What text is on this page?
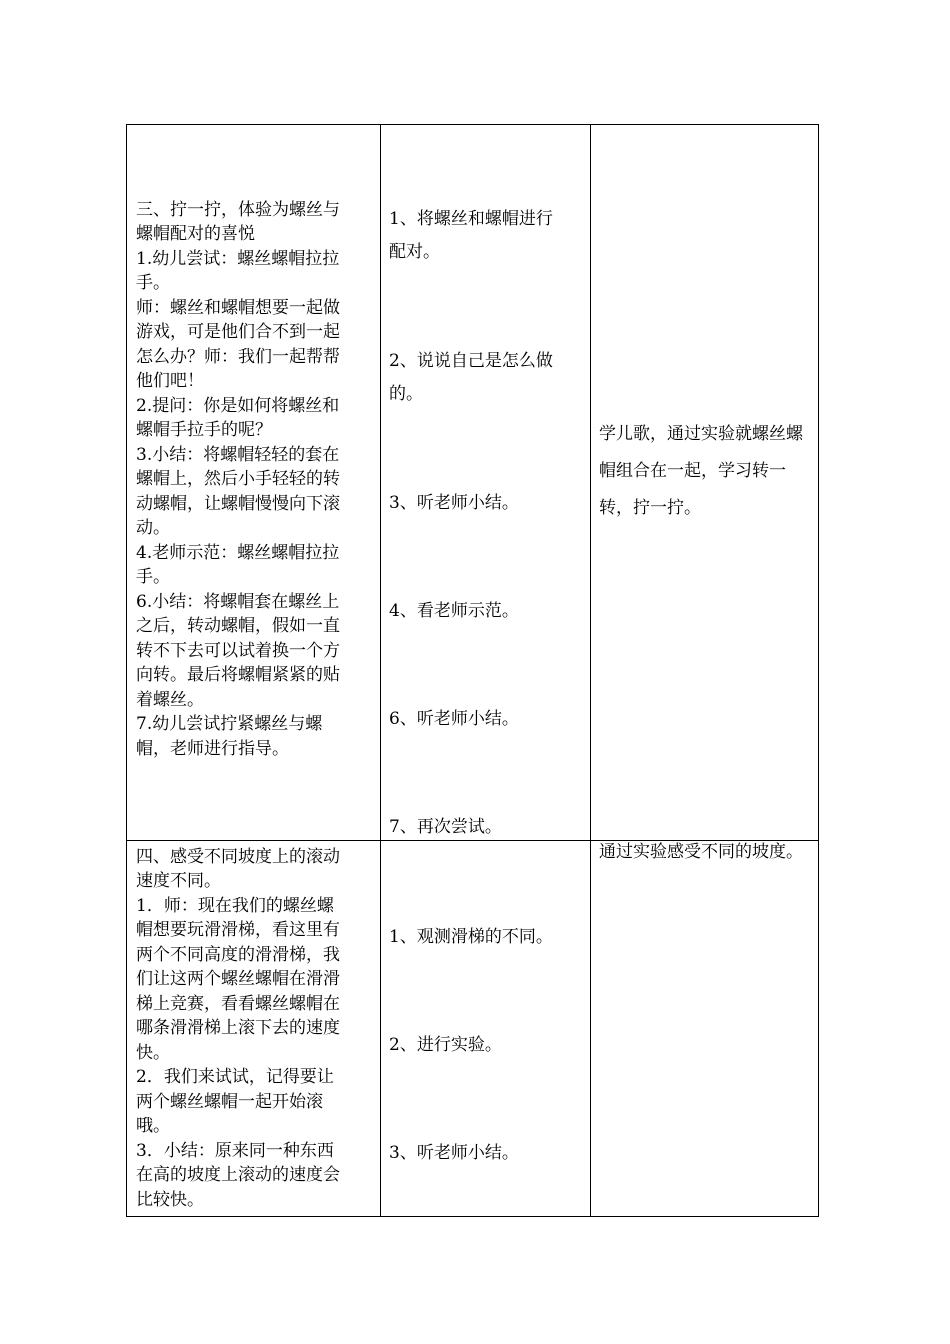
三、拧一拧，体验为螺丝与
螺帽配对的喜悦
1.幼儿尝试：螺丝螺帽拉拉
手。
师：螺丝和螺帽想要一起做
游戏，可是他们合不到一起
怎么办？师：我们一起帮帮
他们吧！
2.提问：你是如何将螺丝和
螺帽手拉手的呢？
3.小结：将螺帽轻轻的套在
螺帽上，然后小手轻轻的转
动螺帽，让螺帽慢慢向下滚
动。
4.老师示范：螺丝螺帽拉拉
手。
6.小结：将螺帽套在螺丝上
之后，转动螺帽，假如一直
转不下去可以试着换一个方
向转。最后将螺帽紧紧的贴
着螺丝。
7.幼儿尝试拧紧螺丝与螺
帽，老师进行指导。
1、将螺丝和螺帽进行
配对。
2、说说自己是怎么做
的。
3、听老师小结。
4、看老师示范。
6、听老师小结。
7、再次尝试。
学儿歌，通过实验就螺丝螺帽组合在一起，学习转一转，拧一拧。
四、感受不同坡度上的滚动
速度不同。
1．师：现在我们的螺丝螺
帽想要玩滑滑梯，看这里有
两个不同高度的滑滑梯，我
们让这两个螺丝螺帽在滑滑
梯上竞赛，看看螺丝螺帽在
哪条滑滑梯上滚下去的速度
快。
2．我们来试试，记得要让
两个螺丝螺帽一起开始滚
哦。
3．小结：原来同一种东西
在高的坡度上滚动的速度会
比较快。
1、观测滑梯的不同。
2、进行实验。
3、听老师小结。
通过实验感受不同的坡度。
